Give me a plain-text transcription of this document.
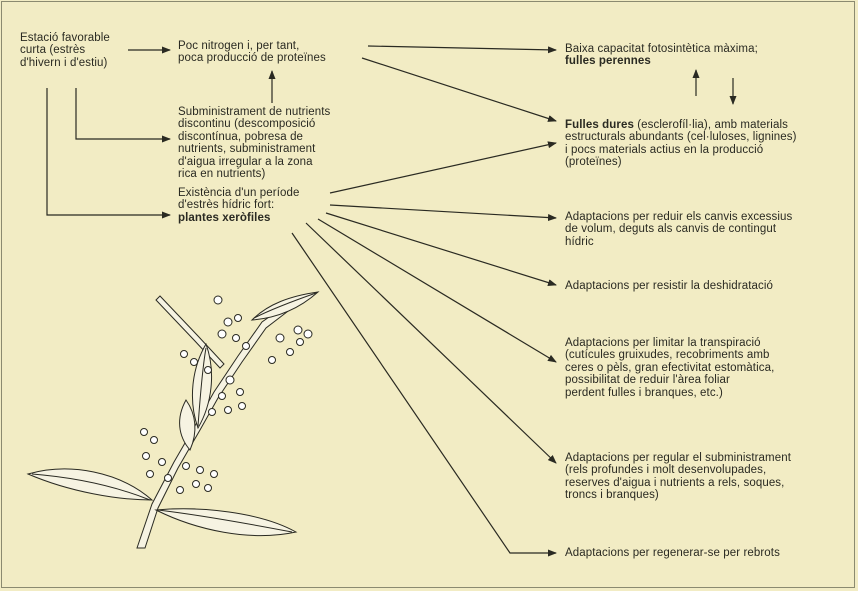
Estació favorable
curta (estrès
d'hivern i d'estiu)
Poc nitrogen i, per tant,
poca producció de proteïnes
Subministrament de nutrients
discontinu (descomposició
discontínua, pobresa de
nutrients, subministrament
d'aigua irregular a la zona
rica en nutrients)
Existència d'un període
d'estrès hídric fort:
plantes xeròfiles
Baixa capacitat fotosintètica màxima;
fulles perennes
Fulles dures (esclerofíl·lia), amb materials
estructurals abundants (cel·luloses, lignines)
i pocs materials actius en la producció
(proteïnes)
Adaptacions per reduir els canvis excessius
de volum, deguts als canvis de contingut
hídric
Adaptacions per resistir la deshidratació
Adaptacions per limitar la transpiració
(cutícules gruixudes, recobriments amb
ceres o pèls, gran efectivitat estomàtica,
possibilitat de reduir l'àrea foliar
perdent fulles i branques, etc.)
Adaptacions per regular el subministrament
(rels profundes i molt desenvolupades,
reserves d'aigua i nutrients a rels, soques,
troncs i branques)
Adaptacions per regenerar-se per rebrots
